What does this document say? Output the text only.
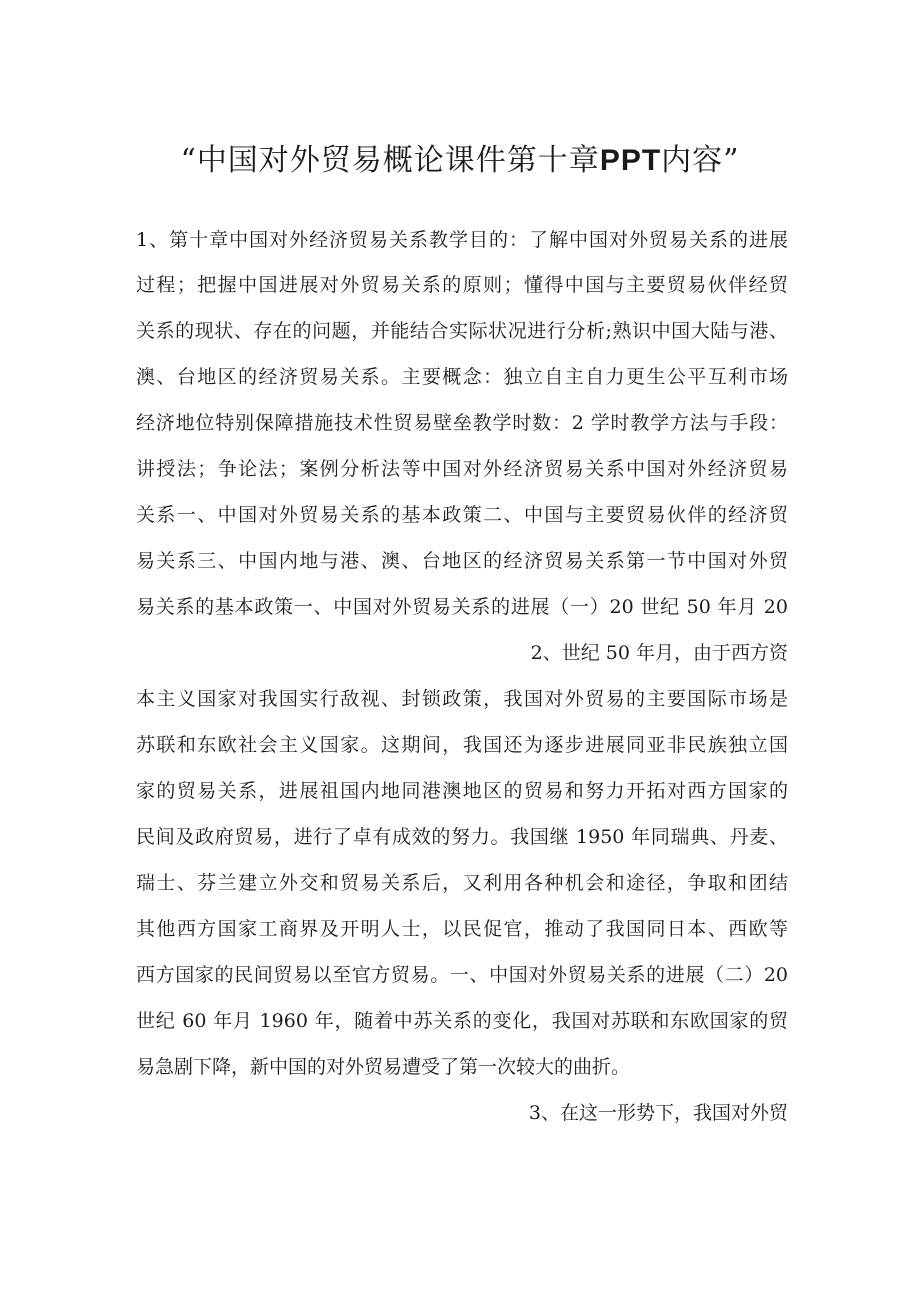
“中国对外贸易概论课件第十章PPT内容”

1、第十章中国对外经济贸易关系教学目的：了解中国对外贸易关系的进展

过程；把握中国进展对外贸易关系的原则；懂得中国与主要贸易伙伴经贸

关系的现状、存在的问题，并能结合实际状况进行分析;熟识中国大陆与港、

澳、台地区的经济贸易关系。主要概念：独立自主自力更生公平互利市场

经济地位特别保障措施技术性贸易壁垒教学时数：2 学时教学方法与手段：

讲授法；争论法；案例分析法等中国对外经济贸易关系中国对外经济贸易

关系一、中国对外贸易关系的基本政策二、中国与主要贸易伙伴的经济贸

易关系三、中国内地与港、澳、台地区的经济贸易关系第一节中国对外贸

易关系的基本政策一、中国对外贸易关系的进展（一）20 世纪 50 年月 20

2、世纪 50 年月，由于西方资

本主义国家对我国实行敌视、封锁政策，我国对外贸易的主要国际市场是

苏联和东欧社会主义国家。这期间，我国还为逐步进展同亚非民族独立国

家的贸易关系，进展祖国内地同港澳地区的贸易和努力开拓对西方国家的

民间及政府贸易，进行了卓有成效的努力。我国继 1950 年同瑞典、丹麦、

瑞士、芬兰建立外交和贸易关系后，又利用各种机会和途径，争取和团结

其他西方国家工商界及开明人士，以民促官，推动了我国同日本、西欧等

西方国家的民间贸易以至官方贸易。一、中国对外贸易关系的进展（二）20

世纪 60 年月 1960 年，随着中苏关系的变化，我国对苏联和东欧国家的贸

易急剧下降，新中国的对外贸易遭受了第一次较大的曲折。

3、在这一形势下，我国对外贸
